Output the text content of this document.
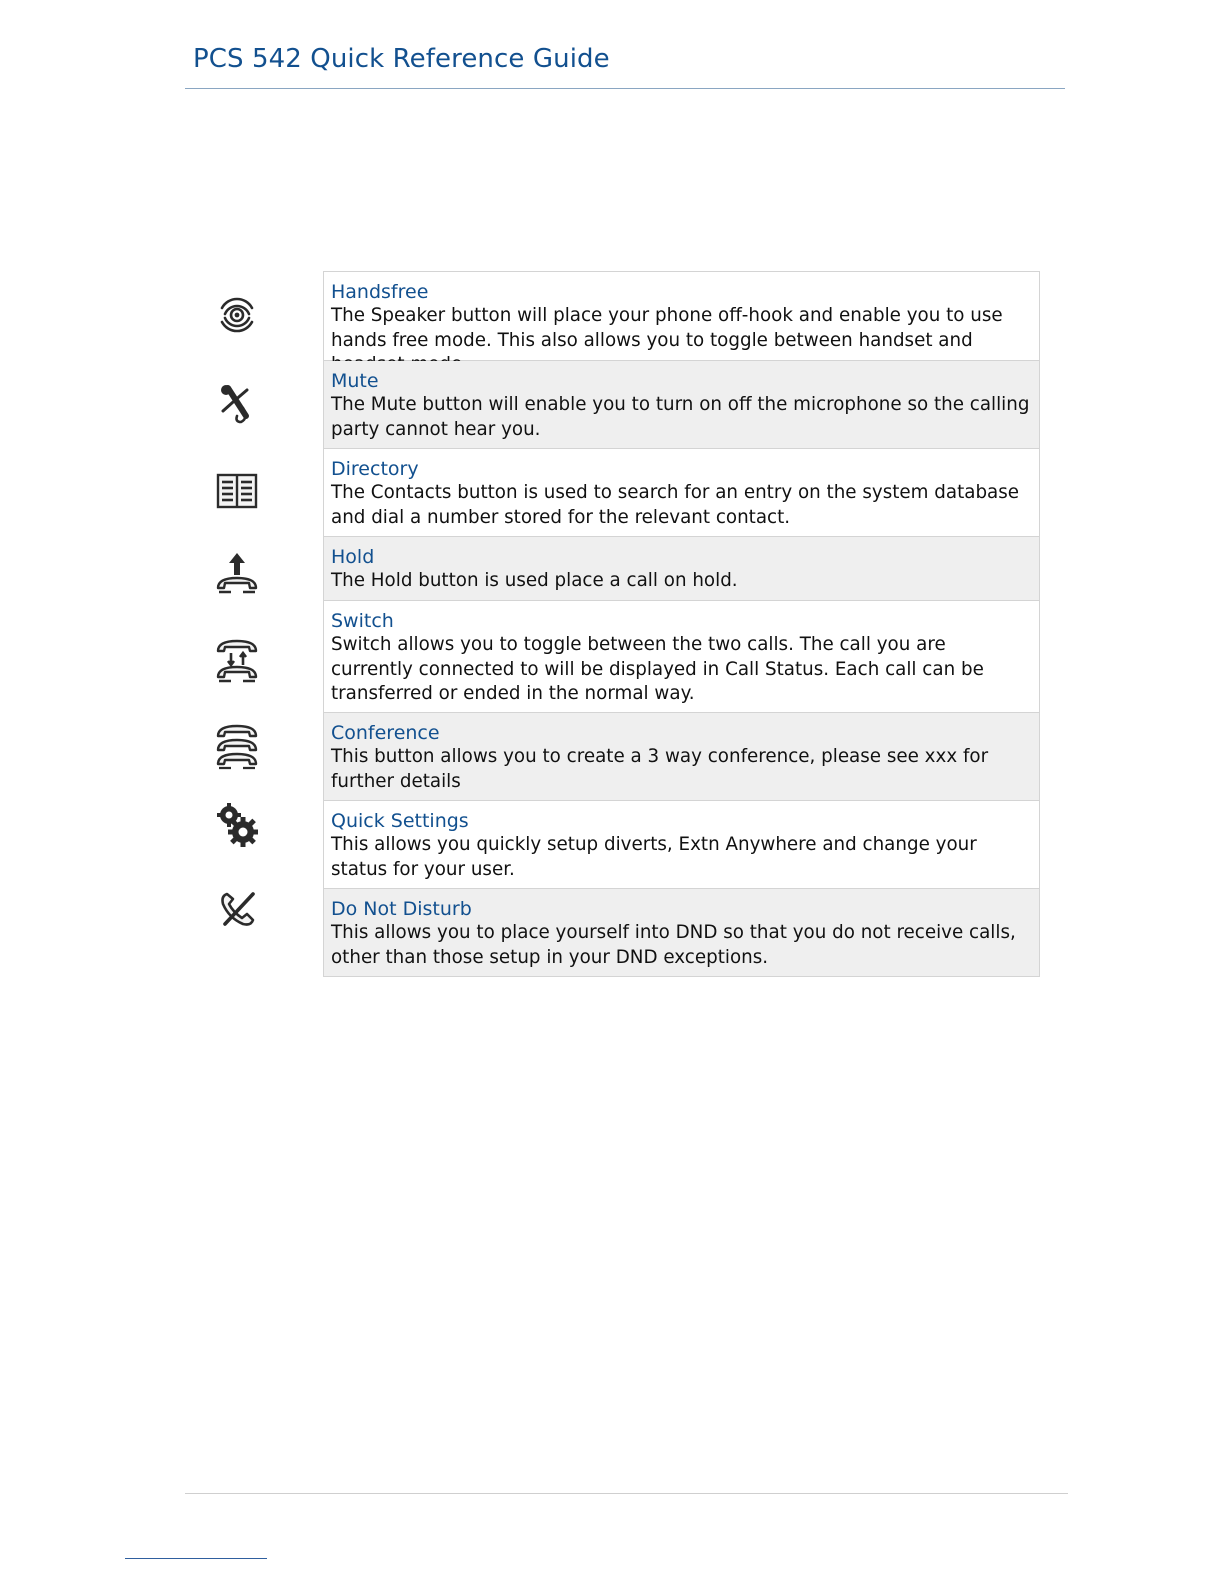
PCS 542 Quick Reference Guide
Handsfree
The Speaker button will place your phone off-hook and enable you to use hands free mode. This also allows you to toggle between handset and
Mute
The Mute button will enable you to turn on off the microphone so the calling party cannot hear you.
Directory
The Contacts button is used to search for an entry on the system database and dial a number stored for the relevant contact.
Hold
The Hold button is used place a call on hold.
Switch
Switch allows you to toggle between the two calls. The call you are currently connected to will be displayed in Call Status. Each call can be transferred or ended in the normal way.
Conference
This button allows you to create a 3 way conference, please see xxx for further details
Quick Settings
This allows you quickly setup diverts, Extn Anywhere and change your status for your user.
Do Not Disturb
This allows you to place yourself into DND so that you do not receive calls, other than those setup in your DND exceptions.
